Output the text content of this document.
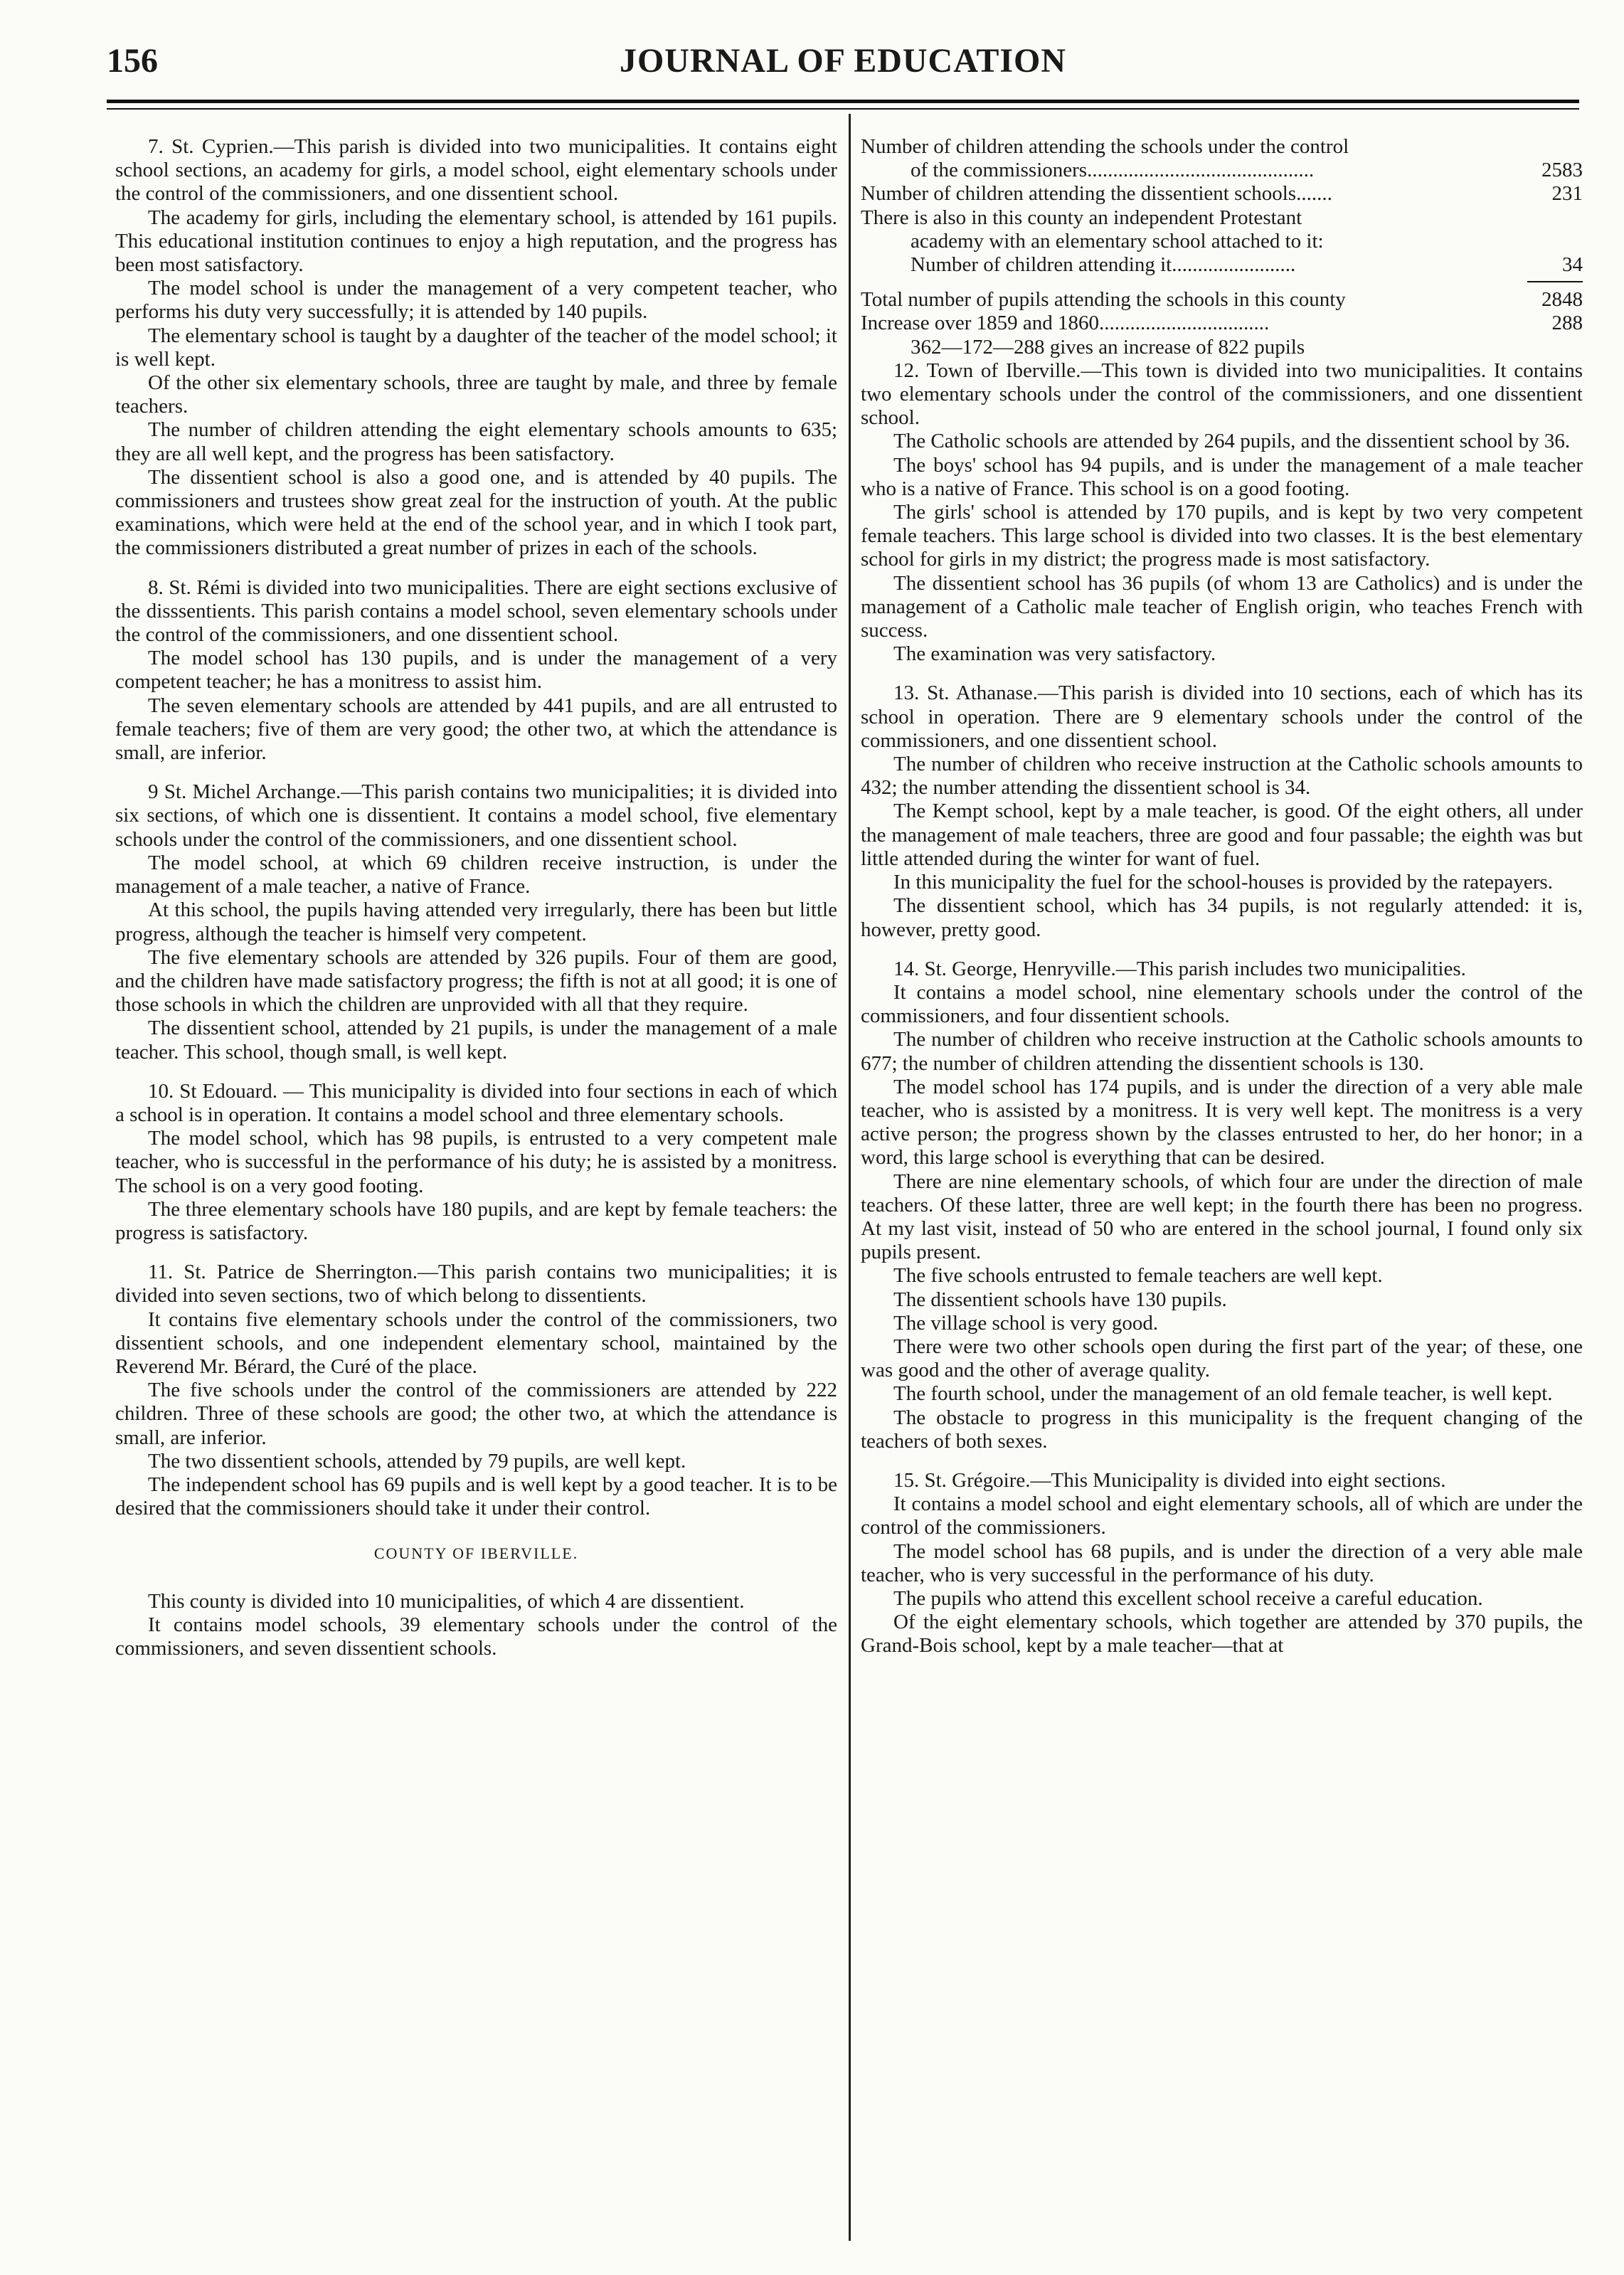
156	JOURNAL OF EDUCATION

7. St. Cyprien.—This parish is divided into two municipalities. It contains eight school sections, an academy for girls, a model school, eight elementary schools under the control of the commissioners, and one dissentient school.

The academy for girls, including the elementary school, is attended by 161 pupils. This educational institution continues to enjoy a high reputation, and the progress has been most satisfactory.

The model school is under the management of a very competent teacher, who performs his duty very successfully; it is attended by 140 pupils.

The elementary school is taught by a daughter of the teacher of the model school; it is well kept.

Of the other six elementary schools, three are taught by male, and three by female teachers.

The number of children attending the eight elementary schools amounts to 635; they are all well kept, and the progress has been satisfactory.

The dissentient school is also a good one, and is attended by 40 pupils. The commissioners and trustees show great zeal for the instruction of youth. At the public examinations, which were held at the end of the school year, and in which I took part, the commissioners distributed a great number of prizes in each of the schools.

8. St. Rémi is divided into two municipalities. There are eight sections exclusive of the disssentients. This parish contains a model school, seven elementary schools under the control of the commissioners, and one dissentient school.

The model school has 130 pupils, and is under the management of a very competent teacher; he has a monitress to assist him.

The seven elementary schools are attended by 441 pupils, and are all entrusted to female teachers; five of them are very good; the other two, at which the attendance is small, are inferior.

9 St. Michel Archange.—This parish contains two municipalities; it is divided into six sections, of which one is dissentient. It contains a model school, five elementary schools under the control of the commissioners, and one dissentient school.

The model school, at which 69 children receive instruction, is under the management of a male teacher, a native of France.

At this school, the pupils having attended very irregularly, there has been but little progress, although the teacher is himself very competent.

The five elementary schools are attended by 326 pupils. Four of them are good, and the children have made satisfactory progress; the fifth is not at all good; it is one of those schools in which the children are unprovided with all that they require.

The dissentient school, attended by 21 pupils, is under the management of a male teacher. This school, though small, is well kept.

10. St Edouard. — This municipality is divided into four sections in each of which a school is in operation. It contains a model school and three elementary schools.

The model school, which has 98 pupils, is entrusted to a very competent male teacher, who is successful in the performance of his duty; he is assisted by a monitress. The school is on a very good footing.

The three elementary schools have 180 pupils, and are kept by female teachers: the progress is satisfactory.

11. St. Patrice de Sherrington.—This parish contains two municipalities; it is divided into seven sections, two of which belong to dissentients.

It contains five elementary schools under the control of the commissioners, two dissentient schools, and one independent elementary school, maintained by the Reverend Mr. Bérard, the Curé of the place.

The five schools under the control of the commissioners are attended by 222 children. Three of these schools are good; the other two, at which the attendance is small, are inferior.

The two dissentient schools, attended by 79 pupils, are well kept.

The independent school has 69 pupils and is well kept by a good teacher. It is to be desired that the commissioners should take it under their control.

COUNTY OF IBERVILLE.

This county is divided into 10 municipalities, of which 4 are dissentient.

It contains model schools, 39 elementary schools under the control of the commissioners, and seven dissentient schools.

Number of children attending the schools under the control
of the commissioners............................................	2583
Number of children attending the dissentient schools.......	231
There is also in this county an independent Protestant
academy with an elementary school attached to it:
Number of children attending it........................	34
Total number of pupils attending the schools in this county	2848
Increase over 1859 and 1860.................................	288
362—172—288 gives an increase of 822 pupils

12. Town of Iberville.—This town is divided into two municipalities. It contains two elementary schools under the control of the commissioners, and one dissentient school.

The Catholic schools are attended by 264 pupils, and the dissentient school by 36.

The boys' school has 94 pupils, and is under the management of a male teacher who is a native of France. This school is on a good footing.

The girls' school is attended by 170 pupils, and is kept by two very competent female teachers. This large school is divided into two classes. It is the best elementary school for girls in my district; the progress made is most satisfactory.

The dissentient school has 36 pupils (of whom 13 are Catholics) and is under the management of a Catholic male teacher of English origin, who teaches French with success.

The examination was very satisfactory.

13. St. Athanase.—This parish is divided into 10 sections, each of which has its school in operation. There are 9 elementary schools under the control of the commissioners, and one dissentient school.

The number of children who receive instruction at the Catholic schools amounts to 432; the number attending the dissentient school is 34.

The Kempt school, kept by a male teacher, is good. Of the eight others, all under the management of male teachers, three are good and four passable; the eighth was but little attended during the winter for want of fuel.

In this municipality the fuel for the school-houses is provided by the ratepayers.

The dissentient school, which has 34 pupils, is not regularly attended: it is, however, pretty good.

14. St. George, Henryville.—This parish includes two municipalities.

It contains a model school, nine elementary schools under the control of the commissioners, and four dissentient schools.

The number of children who receive instruction at the Catholic schools amounts to 677; the number of children attending the dissentient schools is 130.

The model school has 174 pupils, and is under the direction of a very able male teacher, who is assisted by a monitress. It is very well kept. The monitress is a very active person; the progress shown by the classes entrusted to her, do her honor; in a word, this large school is everything that can be desired.

There are nine elementary schools, of which four are under the direction of male teachers. Of these latter, three are well kept; in the fourth there has been no progress. At my last visit, instead of 50 who are entered in the school journal, I found only six pupils present.

The five schools entrusted to female teachers are well kept.

The dissentient schools have 130 pupils.

The village school is very good.

There were two other schools open during the first part of the year; of these, one was good and the other of average quality.

The fourth school, under the management of an old female teacher, is well kept.

The obstacle to progress in this municipality is the frequent changing of the teachers of both sexes.

15. St. Grégoire.—This Municipality is divided into eight sections.

It contains a model school and eight elementary schools, all of which are under the control of the commissioners.

The model school has 68 pupils, and is under the direction of a very able male teacher, who is very successful in the performance of his duty.

The pupils who attend this excellent school receive a careful education.

Of the eight elementary schools, which together are attended by 370 pupils, the Grand-Bois school, kept by a male teacher—that at
